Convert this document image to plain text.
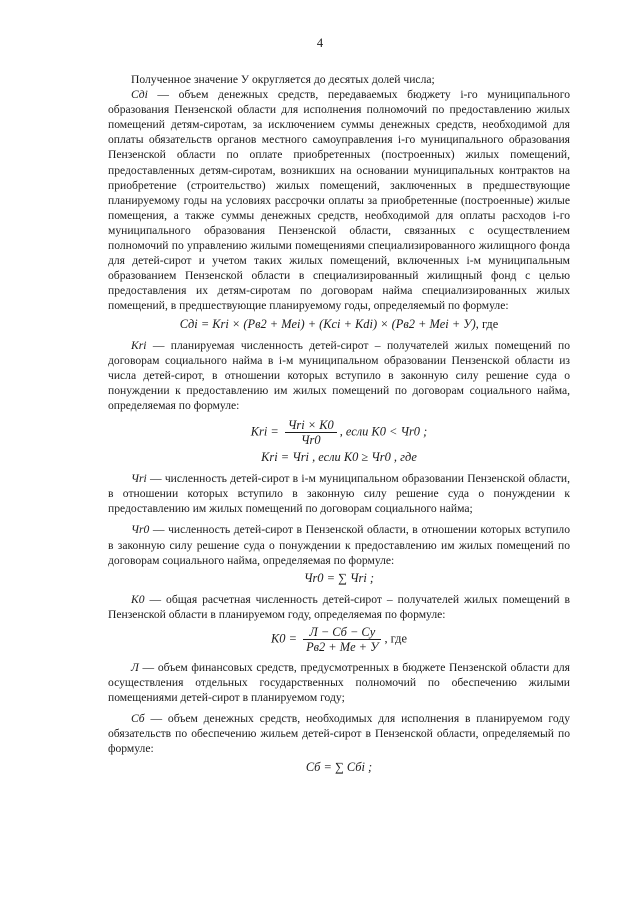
4

Полученное значение У округляется до десятых долей числа;

Сдi — объем денежных средств, передаваемых бюджету i-го муниципального образования Пензенской области для исполнения полномочий по предоставлению жилых помещений детям-сиротам, за исключением суммы денежных средств, необходимой для оплаты обязательств органов местного самоуправления i-го муниципального образования Пензенской области по оплате приобретенных (построенных) жилых помещений, предоставленных детям-сиротам, возникших на основании муниципальных контрактов на приобретение (строительство) жилых помещений, заключенных в предшествующие планируемому годы на условиях рассрочки оплаты за приобретенные (построенные) жилые помещения, а также суммы денежных средств, необходимой для оплаты расходов i-го муниципального образования Пензенской области, связанных с осуществлением полномочий по управлению жилыми помещениями специализированного жилищного фонда для детей-сирот и учетом таких жилых помещений, включенных i-м муниципальным образованием Пензенской области в специализированный жилищный фонд с целью предоставления их детям-сиротам по договорам найма специализированных жилых помещений, в предшествующие планируемому годы, определяемый по формуле:

Сдi = Kri × (Рв2 + Mei) + (Kci + Kdi) × (Рв2 + Mei + У), где

Kri — планируемая численность детей-сирот – получателей жилых помещений по договорам социального найма в i-м муниципальном образовании Пензенской области из числа детей-сирот, в отношении которых вступило в законную силу решение суда о понуждении к предоставлению им жилых помещений по договорам социального найма, определяемая по формуле:

Kri = $\frac{\text{Чri × K0}}{Чr0}$ , если K0 < Чr0 ;
Kri = Чri , если K0 ≥ Чr0 , где

Чri — численность детей-сирот в i-м муниципальном образовании Пензенской области, в отношении которых вступило в законную силу решение суда о понуждении к предоставлению им жилых помещений по договорам социального найма;

Чr0 — численность детей-сирот в Пензенской области, в отношении которых вступило в законную силу решение суда о понуждении к предоставлению им жилых помещений по договорам социального найма, определяемая по формуле:

Чr0 = ∑ Чri ;

K0 — общая расчетная численность детей-сирот – получателей жилых помещений в Пензенской области в планируемом году, определяемая по формуле:

$K0 = \frac{Л - Сб - Су}{Рв2 + Me + У}$ , где

Л — объем финансовых средств, предусмотренных в бюджете Пензенской области для осуществления отдельных государственных полномочий по обеспечению жилыми помещениями детей-сирот в планируемом году;

Сб — объем денежных средств, необходимых для исполнения в планируемом году обязательств по обеспечению жильем детей-сирот в Пензенской области, определяемый по формуле:

Сб = ∑ Сбi ;
